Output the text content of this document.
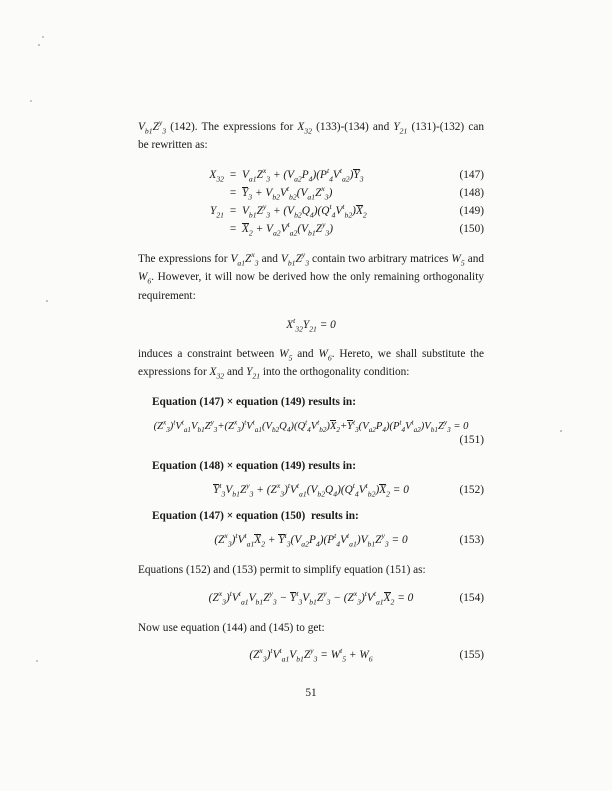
$V_{b1}Z^y_3$ (142). The expressions for $X_{32}$ (133)-(134) and $Y_{21}$ (131)-(132) can be rewritten as:

$X_{32}$	=	$V_{a1}Z^x_3 + (V_{a2}P_4)(P^t_4V^t_{a2})Y_3$	(147)
	=	$Y_3 + V_{b2}V^t_{b2}(V_{a1}Z^x_3)$	(148)
$Y_{21}$	=	$V_{b1}Z^y_3 + (V_{b2}Q_4)(Q^t_4V^t_{b2})X_2$	(149)
	=	$X_2 + V_{a2}V^t_{a2}(V_{b1}Z^y_3)$	(150)

The expressions for $V_{a1}Z^x_3$ and $V_{b1}Z^y_3$ contain two arbitrary matrices $W_5$ and $W_6$. However, it will now be derived how the only remaining orthogonality requirement:

$X^t_{32}Y_{21} = 0$

induces a constraint between $W_5$ and $W_6$. Hereto, we shall substitute the expressions for $X_{32}$ and $Y_{21}$ into the orthogonality condition:

Equation (147) × equation (149) results in:
$(Z^x_3)^tV^t_{a1}V_{b1}Z^y_3+(Z^x_3)^tV^t_{a1}(V_{b2}Q_4)(Q^t_4V^t_{b2})X_2+Y^t_3(V_{a2}P_4)(P^t_4V^t_{a2})V_{b1}Z^y_3 = 0$
(151)
Equation (148) × equation (149) results in:
$Y^t_3V_{b1}Z^y_3 + (Z^x_3)^tV^t_{a1}(V_{b2}Q_4)(Q^t_4V^t_{b2})X_2 = 0$	(152)
Equation (147) × equation (150)  results in:
$(Z^x_3)^tV^t_{a1}X_2 + Y^t_3(V_{a2}P_4)(P^t_4V^t_{a1})V_{b1}Z^y_3 = 0$	(153)

Equations (152) and (153) permit to simplify equation (151) as:

$(Z^x_3)^tV^t_{a1}V_{b1}Z^y_3 - Y^t_3V_{b1}Z^y_3 - (Z^x_3)^tV^t_{a1}X_2 = 0$	(154)

Now use equation (144) and (145) to get:

$(Z^x_3)^tV^t_{a1}V_{b1}Z^y_3 = W^t_5 + W_6$	(155)
51
